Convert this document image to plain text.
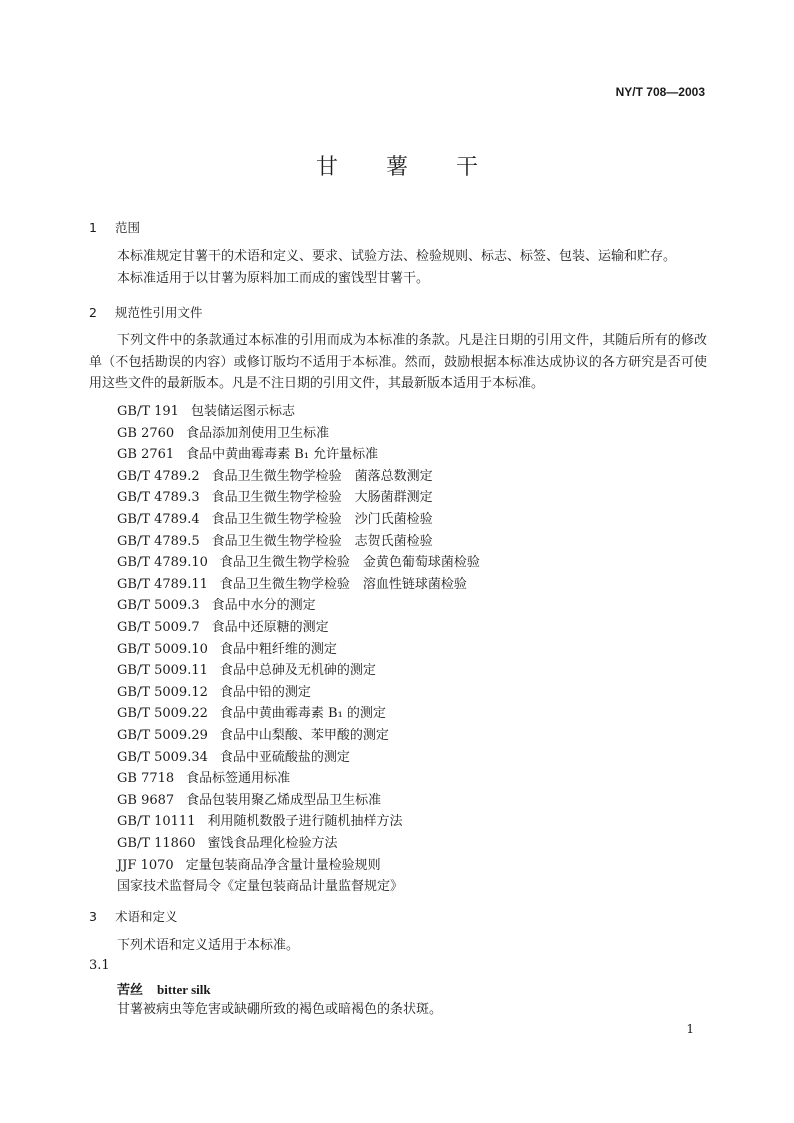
NY/T 708—2003
甘 薯 干
1 范围
本标准规定甘薯干的术语和定义、要求、试验方法、检验规则、标志、标签、包装、运输和贮存。
本标准适用于以甘薯为原料加工而成的蜜饯型甘薯干。
2 规范性引用文件
下列文件中的条款通过本标准的引用而成为本标准的条款。凡是注日期的引用文件，其随后所有的修改单（不包括勘误的内容）或修订版均不适用于本标准。然而，鼓励根据本标准达成协议的各方研究是否可使用这些文件的最新版本。凡是不注日期的引用文件，其最新版本适用于本标准。
GB/T 191 包装储运图示标志
GB 2760 食品添加剂使用卫生标准
GB 2761 食品中黄曲霉毒素 B₁ 允许量标准
GB/T 4789.2 食品卫生微生物学检验　菌落总数测定
GB/T 4789.3 食品卫生微生物学检验　大肠菌群测定
GB/T 4789.4 食品卫生微生物学检验　沙门氏菌检验
GB/T 4789.5 食品卫生微生物学检验　志贺氏菌检验
GB/T 4789.10 食品卫生微生物学检验　金黄色葡萄球菌检验
GB/T 4789.11 食品卫生微生物学检验　溶血性链球菌检验
GB/T 5009.3 食品中水分的测定
GB/T 5009.7 食品中还原糖的测定
GB/T 5009.10 食品中粗纤维的测定
GB/T 5009.11 食品中总砷及无机砷的测定
GB/T 5009.12 食品中铅的测定
GB/T 5009.22 食品中黄曲霉毒素 B₁ 的测定
GB/T 5009.29 食品中山梨酸、苯甲酸的测定
GB/T 5009.34 食品中亚硫酸盐的测定
GB 7718 食品标签通用标准
GB 9687 食品包装用聚乙烯成型品卫生标准
GB/T 10111 利用随机数骰子进行随机抽样方法
GB/T 11860 蜜饯食品理化检验方法
JJF 1070 定量包装商品净含量计量检验规则
国家技术监督局令《定量包装商品计量监督规定》
3 术语和定义
下列术语和定义适用于本标准。
3.1
苦丝 bitter silk
甘薯被病虫等危害或缺硼所致的褐色或暗褐色的条状斑。
1
